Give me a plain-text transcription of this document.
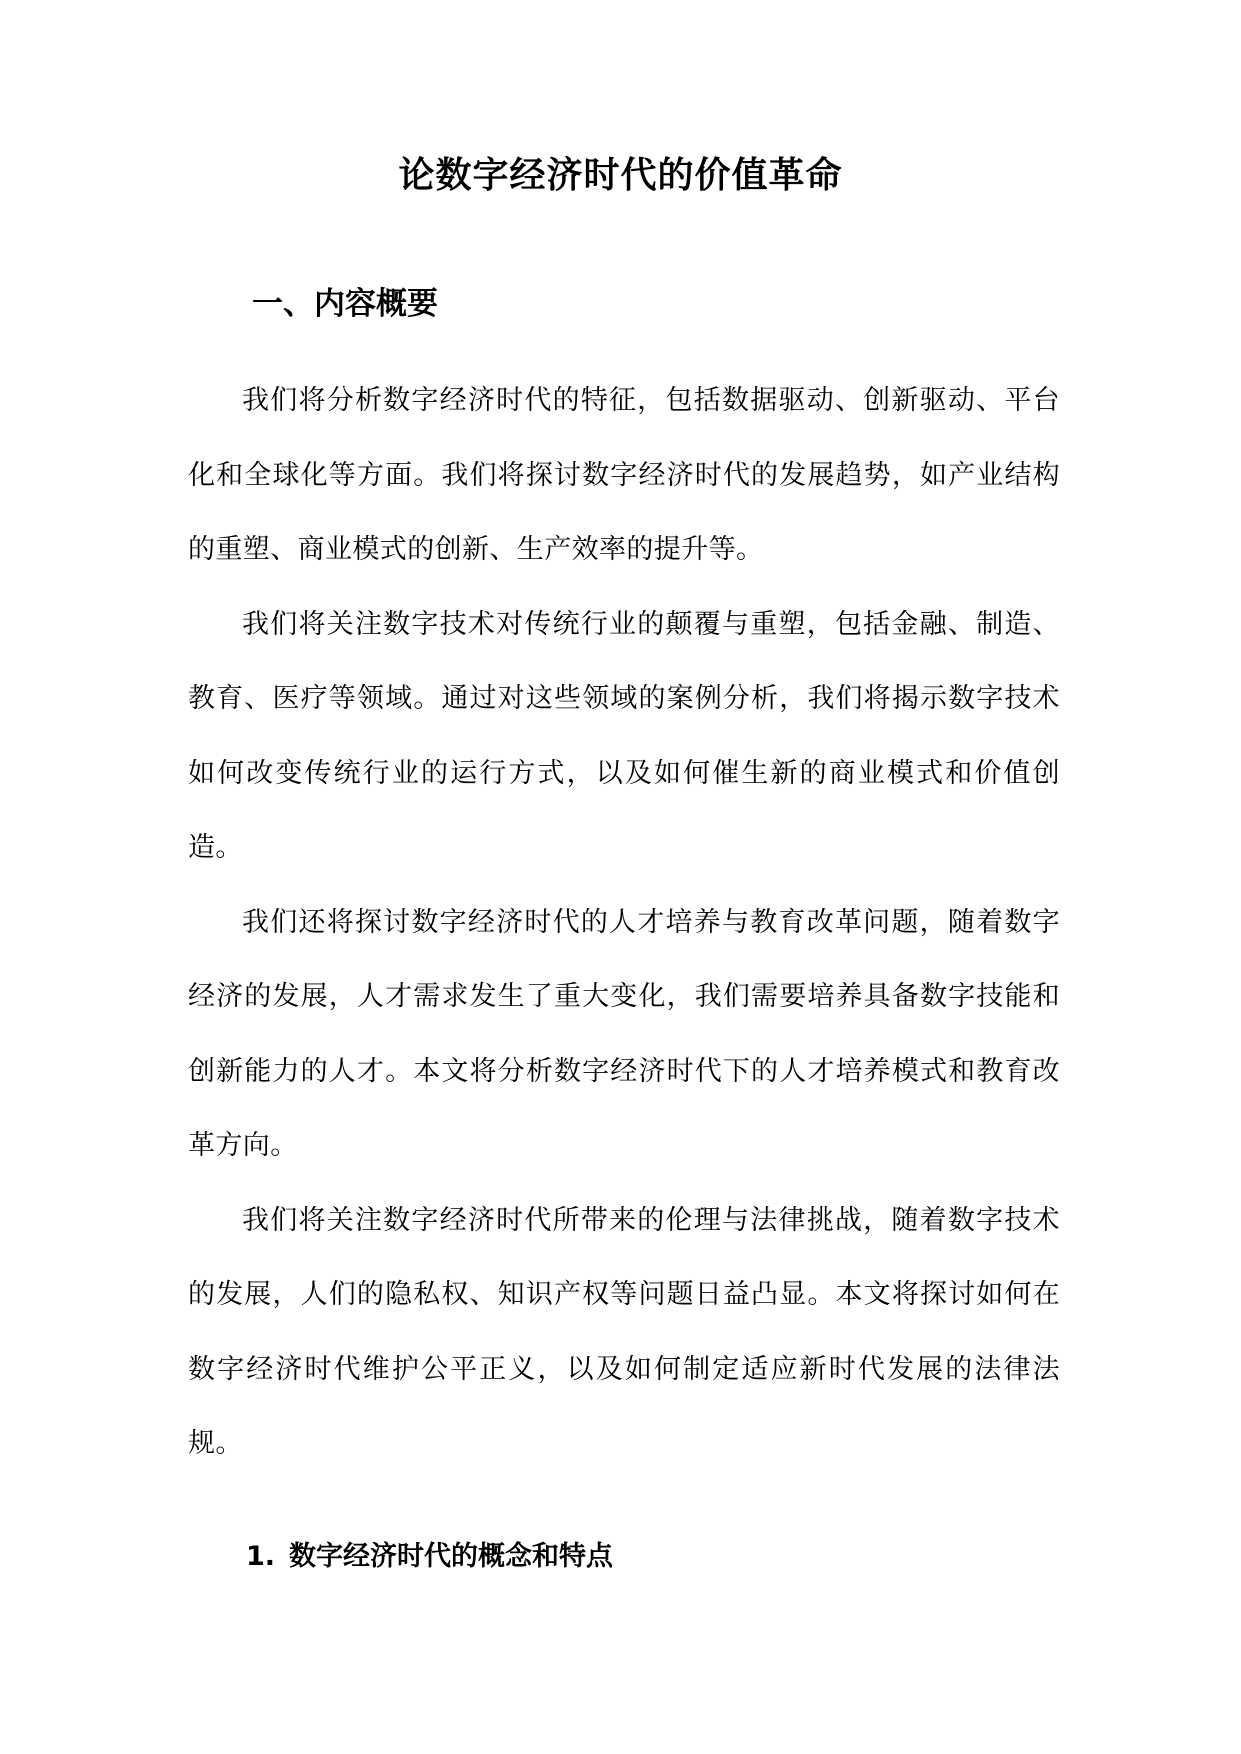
论数字经济时代的价值革命
一、内容概要

我们将分析数字经济时代的特征，包括数据驱动、创新驱动、平台化和全球化等方面。我们将探讨数字经济时代的发展趋势，如产业结构的重塑、商业模式的创新、生产效率的提升等。

我们将关注数字技术对传统行业的颠覆与重塑，包括金融、制造、教育、医疗等领域。通过对这些领域的案例分析，我们将揭示数字技术如何改变传统行业的运行方式，以及如何催生新的商业模式和价值创造。

我们还将探讨数字经济时代的人才培养与教育改革问题，随着数字经济的发展，人才需求发生了重大变化，我们需要培养具备数字技能和创新能力的人才。本文将分析数字经济时代下的人才培养模式和教育改革方向。

我们将关注数字经济时代所带来的伦理与法律挑战，随着数字技术的发展，人们的隐私权、知识产权等问题日益凸显。本文将探讨如何在数字经济时代维护公平正义，以及如何制定适应新时代发展的法律法规。

1. 数字经济时代的概念和特点
